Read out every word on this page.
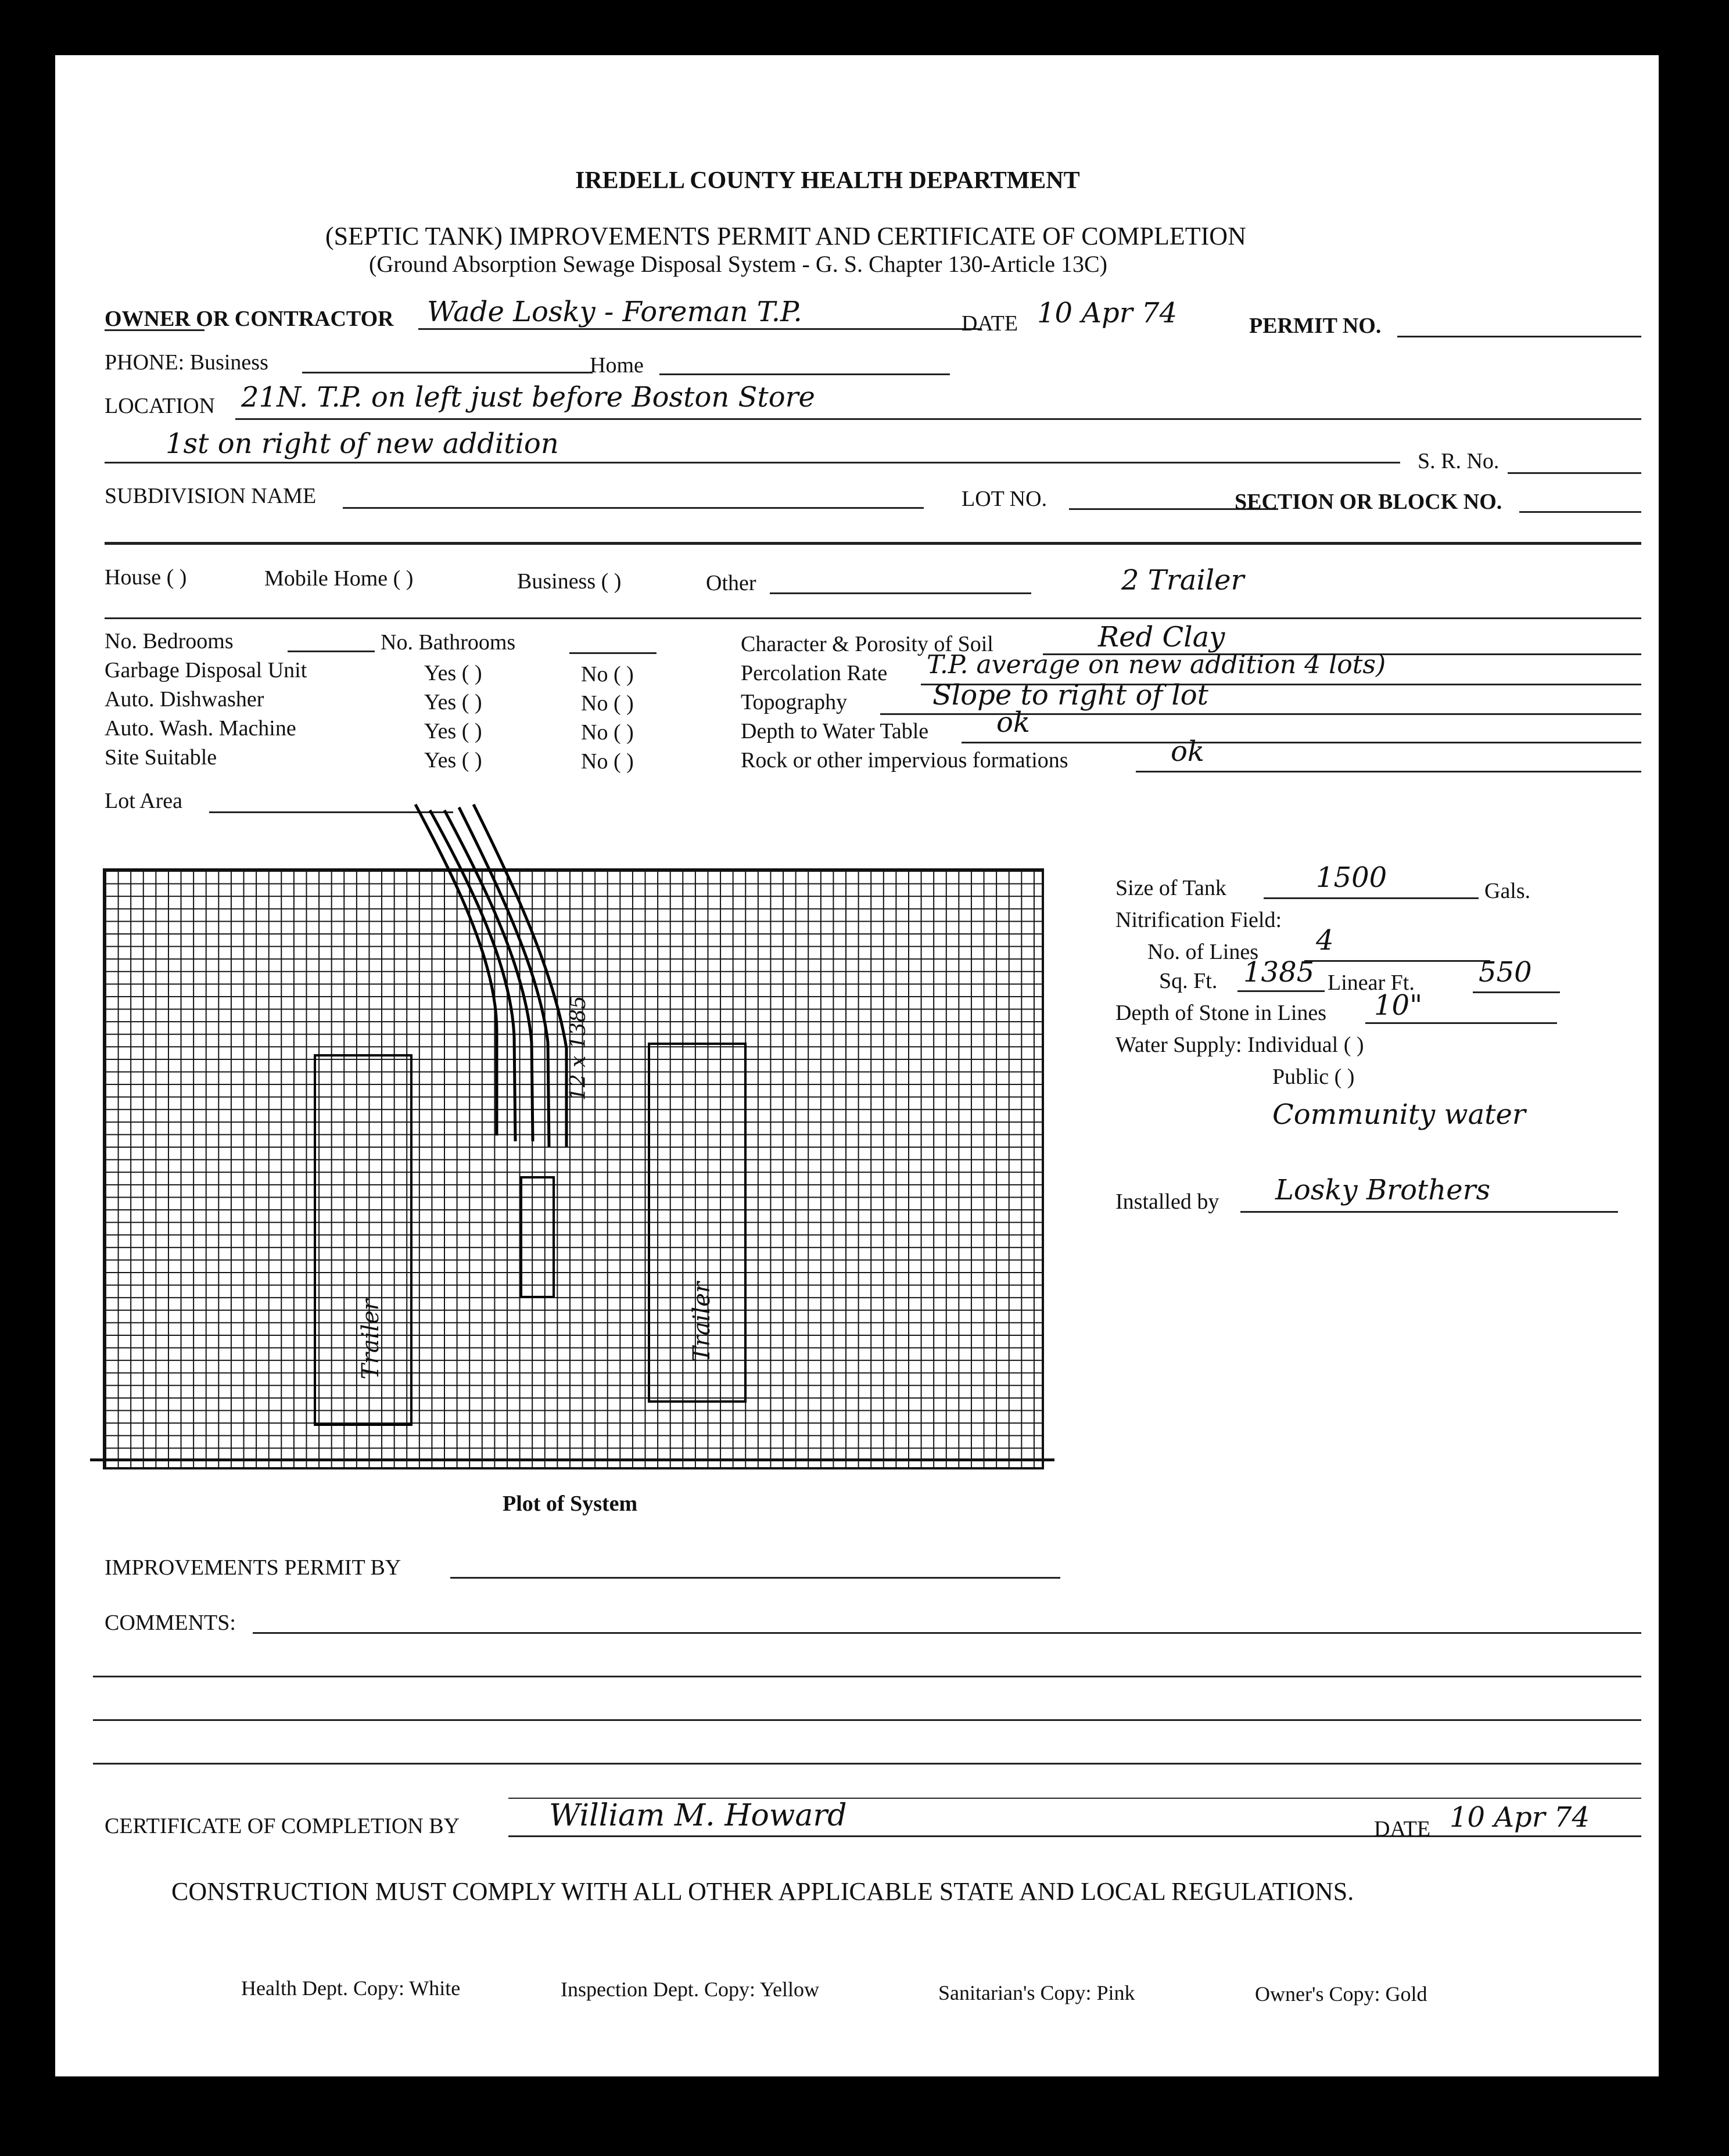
IREDELL COUNTY HEALTH DEPARTMENT
(SEPTIC TANK) IMPROVEMENTS PERMIT AND CERTIFICATE OF COMPLETION
(Ground Absorption Sewage Disposal System - G. S. Chapter 130-Article 13C)
OWNER OR CONTRACTOR Wade Losky - Foreman T.P.	DATE 10 Apr 74	PERMIT NO.
PHONE: Business	Home
LOCATION 21N. T.P. on left just before Boston Store
1st on right of new addition
S. R. No.
SUBDIVISION NAME	LOT NO.	SECTION OR BLOCK NO.
House ( )	Mobile Home ( )	Business ( )	Other	2 Trailer
No. Bedrooms	No. Bathrooms
Garbage Disposal Unit	Yes ( )	No ( )
Auto. Dishwasher	Yes ( )	No ( )
Auto. Wash. Machine	Yes ( )	No ( )
Site Suitable	Yes ( )	No ( )
Lot Area
Character & Porosity of Soil	Red Clay
Percolation Rate T.P. average on new addition 4 lots)
Topography	Slope to right of lot
Depth to Water Table ok
Rock or other impervious formations	ok
Trailer	Trailer
12 x 1385
Plot of System
Size of Tank	1500	Gals.
Nitrification Field:
No. of Lines 4
Sq. Ft. 1385 Linear Ft. 550
Depth of Stone in Lines 10"
Water Supply: Individual ( )
Public ( )
Community water
Installed by Losky Brothers
IMPROVEMENTS PERMIT BY
COMMENTS:
CERTIFICATE OF COMPLETION BY	William M. Howard	DATE 10 Apr 74
CONSTRUCTION MUST COMPLY WITH ALL OTHER APPLICABLE STATE AND LOCAL REGULATIONS.
Health Dept. Copy: White	Inspection Dept. Copy: Yellow	Sanitarian's Copy: Pink	Owner's Copy: Gold
